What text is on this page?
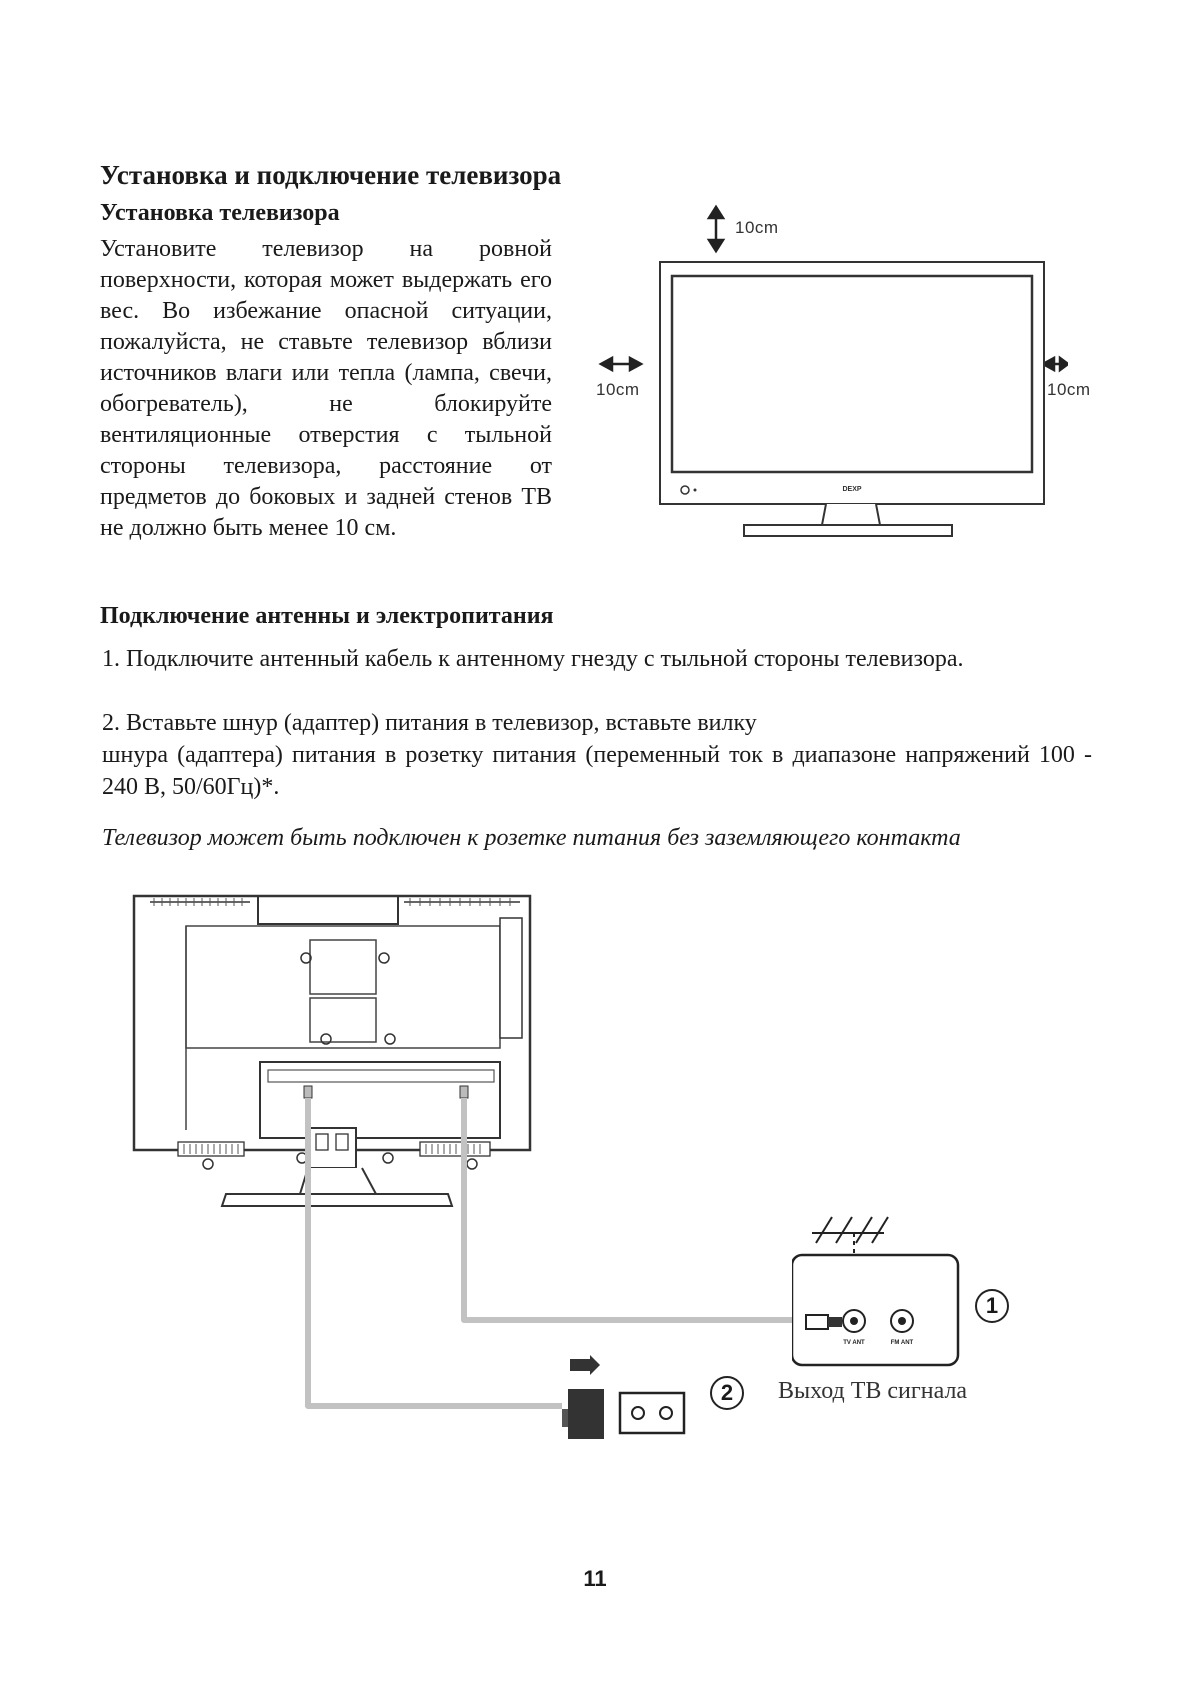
Установка и подключение телевизора
Установка телевизора

Установите телевизор на ровной поверхности, которая может выдержать его вес. Во избежание опасной ситуации, пожалуйста, не ставьте телевизор вблизи источников влаги или тепла (лампа, свечи, обогреватель), не блокируйте вентиляционные отверстия с тыльной стороны телевизора, расстояние от предметов до боковых и задней стенов ТВ не должно быть менее 10 см.

DEXP
10cm
10cm	10cm
Подключение антенны и электропитания

1. Подключите антенный кабель к антенному гнезду с тыльной стороны телевизора.

2. Вставьте шнур (адаптер) питания в телевизор, вставьте вилку

шнура (адаптера) питания в розетку питания (переменный ток в диапазоне напряжений 100 - 240 В, 50/60Гц)*.

Телевизор может быть подключен к розетке питания без заземляющего контакта

TV ANT	FM ANT
1
2	Выход ТВ сигнала
11
